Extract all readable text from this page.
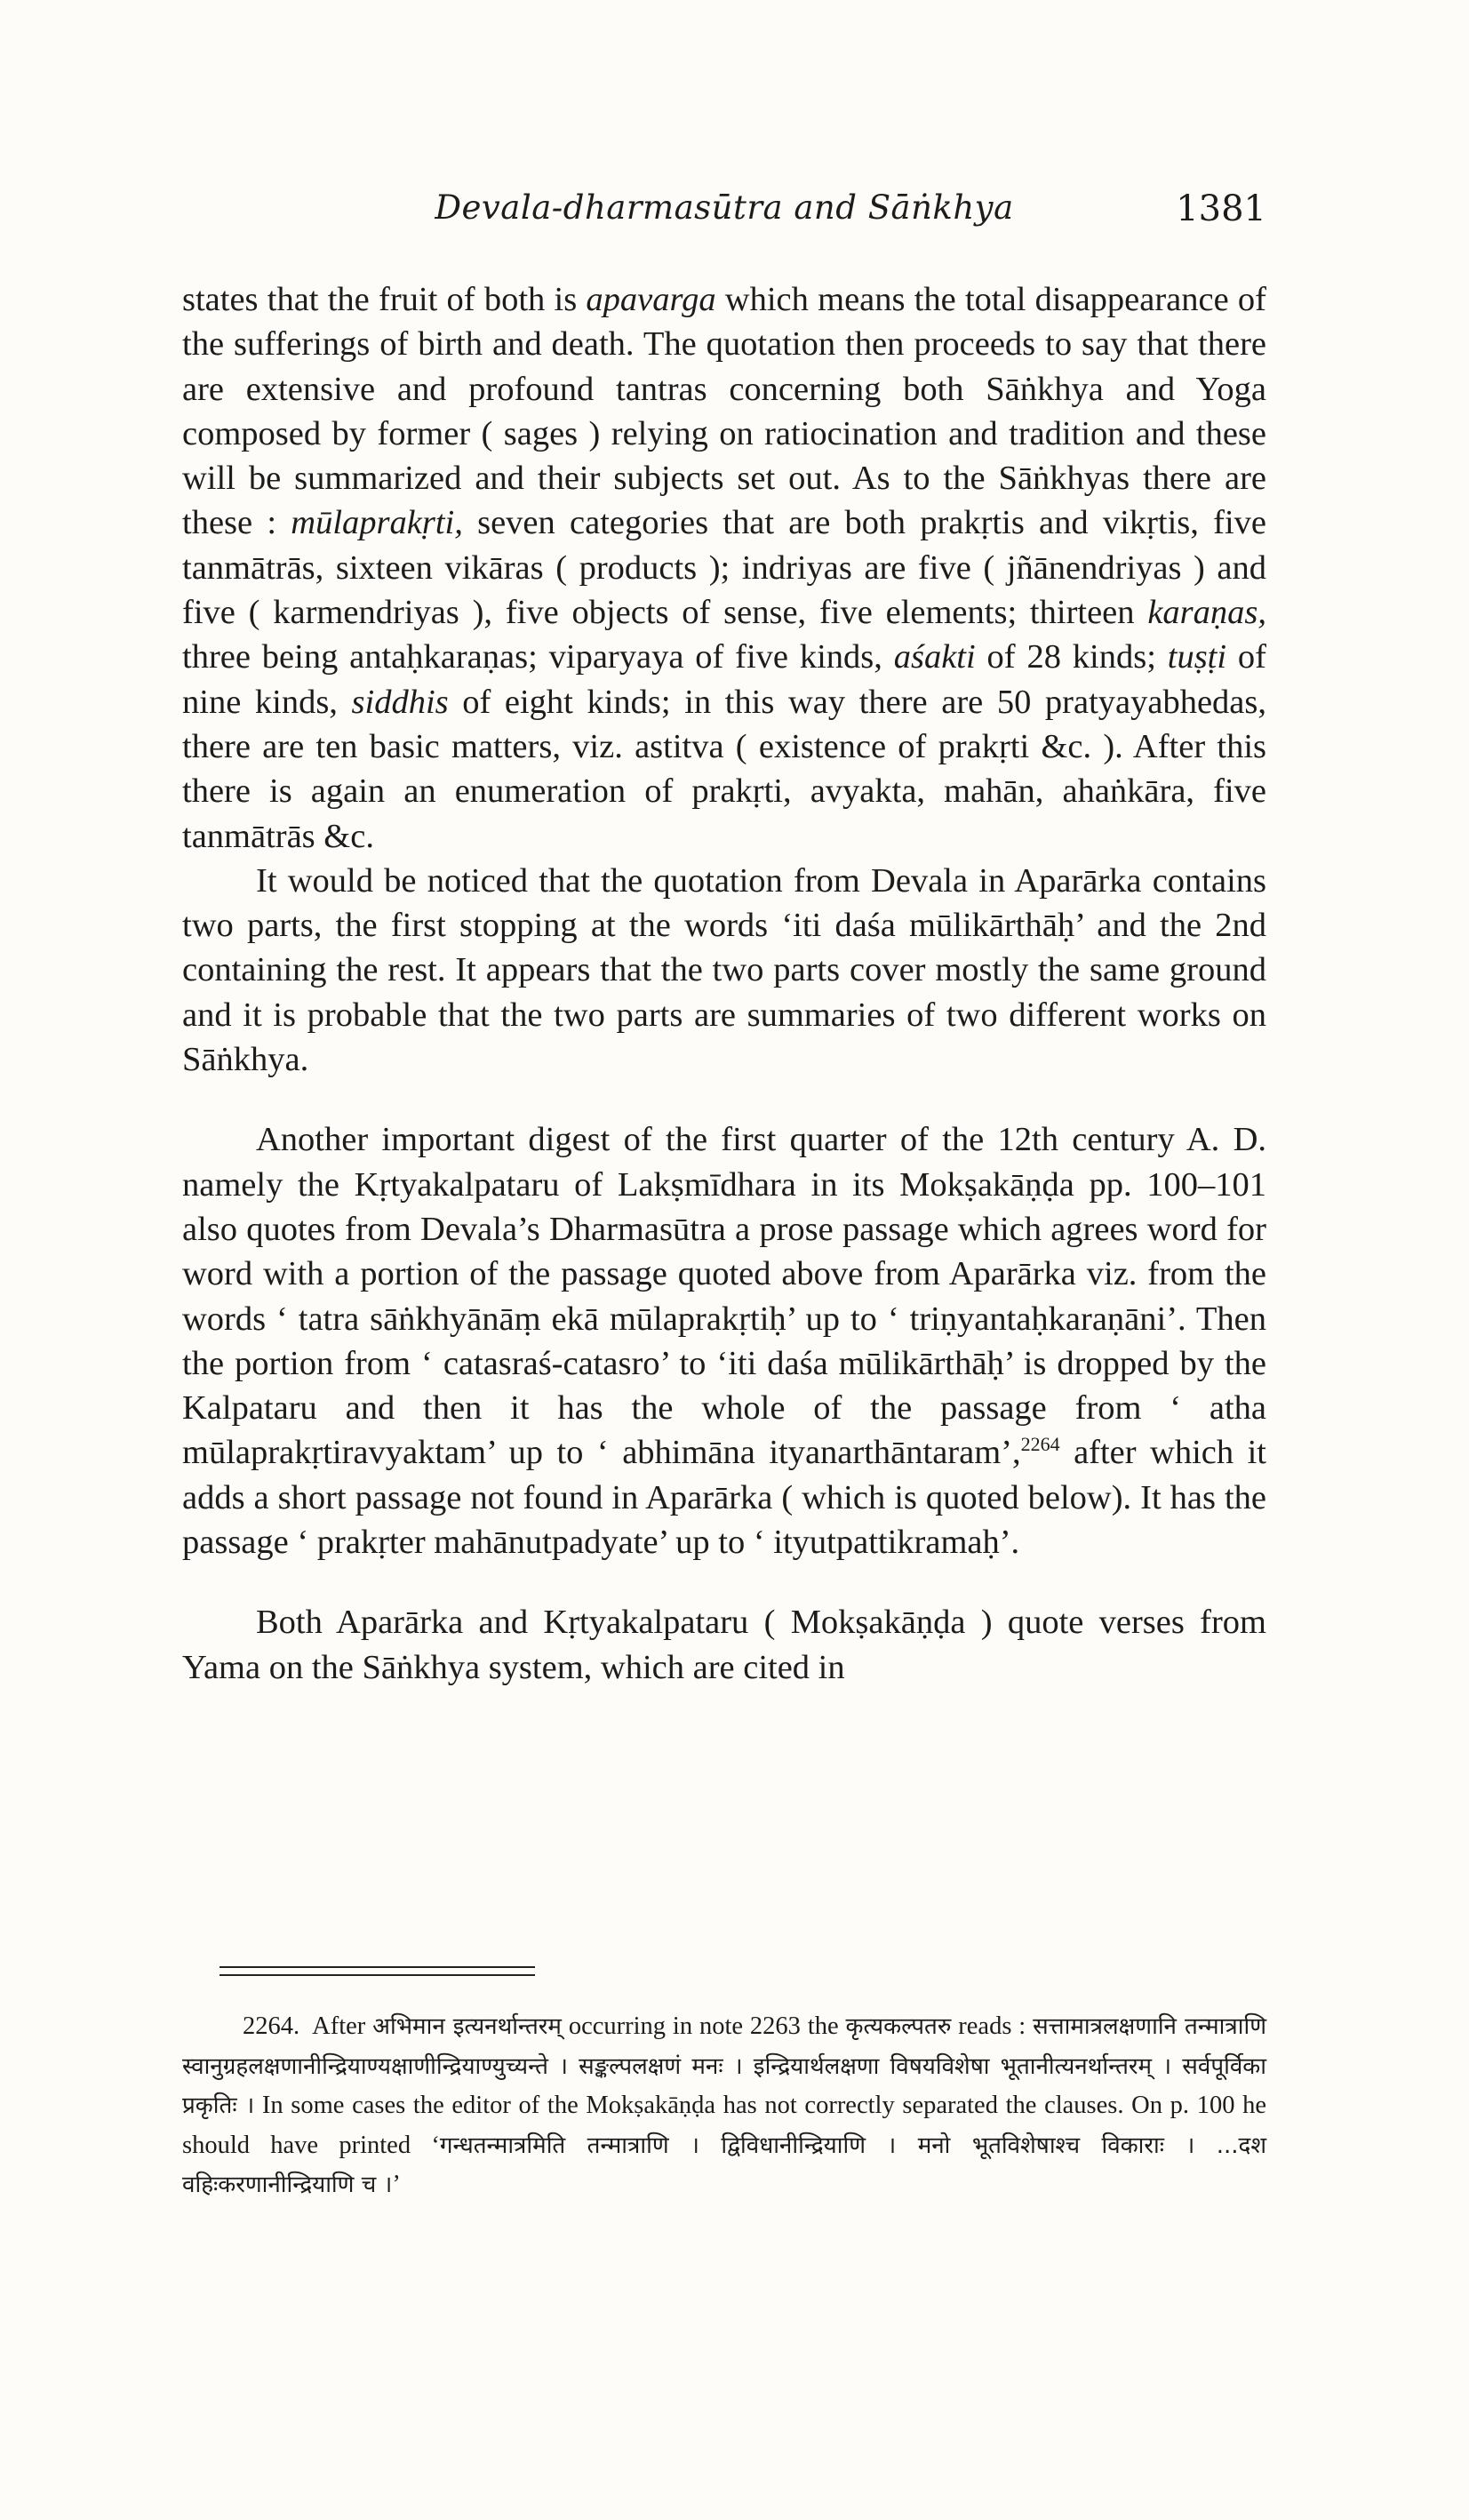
Devala-dharmasūtra and Sāṅkhya	1381

states that the fruit of both is apavarga which means the total disappearance of the sufferings of birth and death. The quotation then proceeds to say that there are extensive and profound tantras concerning both Sāṅkhya and Yoga composed by former ( sages ) relying on ratiocination and tradition and these will be summarized and their subjects set out. As to the Sāṅkhyas there are these : mūlaprakṛti, seven categories that are both prakṛtis and vikṛtis, five tanmātrās, sixteen vikāras ( products ); indriyas are five ( jñānendriyas ) and five ( karmendriyas ), five objects of sense, five elements; thirteen karaṇas, three being antaḥkaraṇas; viparyaya of five kinds, aśakti of 28 kinds; tuṣṭi of nine kinds, siddhis of eight kinds; in this way there are 50 pratyayabhedas, there are ten basic matters, viz. astitva ( existence of prakṛti &c. ). After this there is again an enumeration of prakṛti, avyakta, mahān, ahaṅkāra, five tanmātrās &c.

It would be noticed that the quotation from Devala in Aparārka contains two parts, the first stopping at the words ‘iti daśa mūlikārthāḥ’ and the 2nd containing the rest. It appears that the two parts cover mostly the same ground and it is probable that the two parts are summaries of two different works on Sāṅkhya.

Another important digest of the first quarter of the 12th century A. D. namely the Kṛtyakalpataru of Lakṣmīdhara in its Mokṣakāṇḍa pp. 100–101 also quotes from Devala’s Dharmasūtra a prose passage which agrees word for word with a portion of the passage quoted above from Aparārka viz. from the words ‘ tatra sāṅkhyānāṃ ekā mūlaprakṛtiḥ’ up to ‘ triṇyantaḥkaraṇāni’. Then the portion from ‘ catasraś-catasro’ to ‘iti daśa mūlikārthāḥ’ is dropped by the Kalpataru and then it has the whole of the passage from ‘ atha mūlaprakṛtiravyaktam’ up to ‘ abhimāna ityanarthāntaram’,$^{2264}$ after which it adds a short passage not found in Aparārka ( which is quoted below). It has the passage ‘ prakṛter mahānutpadyate’ up to ‘ ityutpattikramaḥ’.

Both Aparārka and Kṛtyakalpataru ( Mokṣakāṇḍa ) quote verses from Yama on the Sāṅkhya system, which are cited in

2264. After अभिमान इत्यनर्थान्तरम् occurring in note 2263 the कृत्यकल्पतरु reads : सत्तामात्रलक्षणानि तन्मात्राणि स्वानुग्रहलक्षणानीन्द्रियाण्यक्षाणीन्द्रियाण्युच्यन्ते । सङ्कल्पलक्षणं मनः । इन्द्रियार्थलक्षणा विषयविशेषा भूतानीत्यनर्थान्तरम् । सर्वपूर्विका प्रकृतिः । In some cases the editor of the Mokṣakāṇḍa has not correctly separated the clauses. On p. 100 he should have printed ‘गन्धतन्मात्रमिति तन्मात्राणि । द्विविधानीन्द्रियाणि । मनो भूतविशेषाश्च विकाराः । ...दश वहिःकरणानीन्द्रियाणि च ।’
